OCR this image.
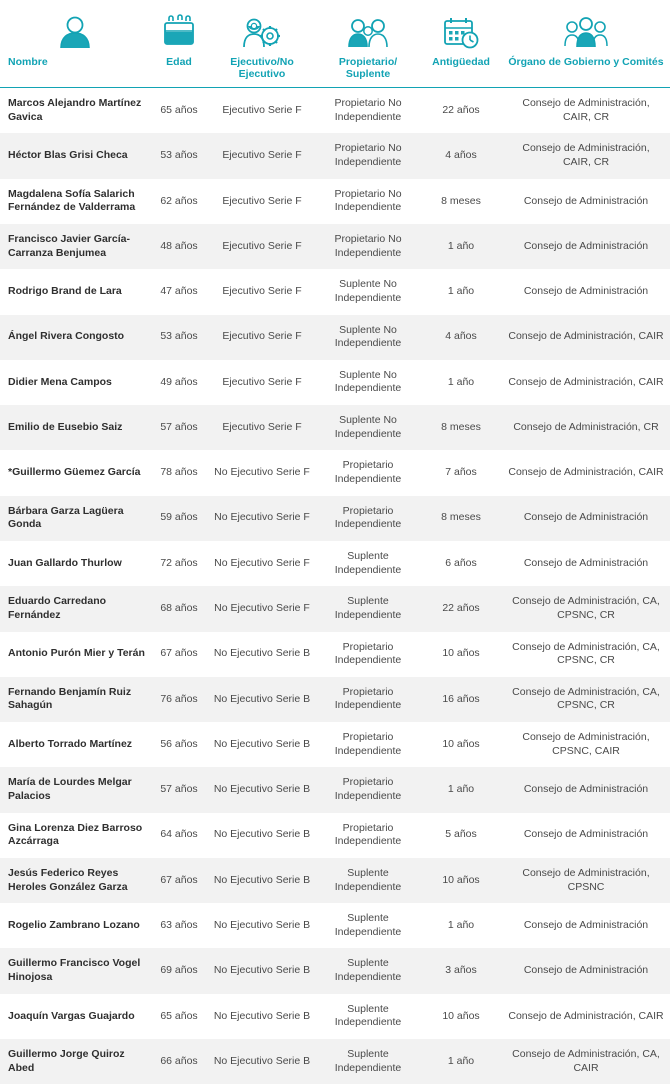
Nombre	Edad	Ejecutivo/No Ejecutivo	Propietario/ Suplente	Antigüedad	Órgano de Gobierno y Comités
Marcos Alejandro Martínez Gavica	65 años	Ejecutivo Serie F	Propietario No Independiente	22 años	Consejo de Administración, CAIR, CR
Héctor Blas Grisi Checa	53 años	Ejecutivo Serie F	Propietario No Independiente	4 años	Consejo de Administración, CAIR, CR
Magdalena Sofía Salarich Fernández de Valderrama	62 años	Ejecutivo Serie F	Propietario No Independiente	8 meses	Consejo de Administración
Francisco Javier García-Carranza Benjumea	48 años	Ejecutivo Serie F	Propietario No Independiente	1 año	Consejo de Administración
Rodrigo Brand de Lara	47 años	Ejecutivo Serie F	Suplente No Independiente	1 año	Consejo de Administración
Ángel Rivera Congosto	53 años	Ejecutivo Serie F	Suplente No Independiente	4 años	Consejo de Administración, CAIR
Didier Mena Campos	49 años	Ejecutivo Serie F	Suplente No Independiente	1 año	Consejo de Administración, CAIR
Emilio de Eusebio Saiz	57 años	Ejecutivo Serie F	Suplente No Independiente	8 meses	Consejo de Administración, CR
*Guillermo Güemez García	78 años	No Ejecutivo Serie F	Propietario Independiente	7 años	Consejo de Administración, CAIR
Bárbara Garza Lagüera Gonda	59 años	No Ejecutivo Serie F	Propietario Independiente	8 meses	Consejo de Administración
Juan Gallardo Thurlow	72 años	No Ejecutivo Serie F	Suplente Independiente	6 años	Consejo de Administración
Eduardo Carredano Fernández	68 años	No Ejecutivo Serie F	Suplente Independiente	22 años	Consejo de Administración, CA, CPSNC, CR
Antonio Purón Mier y Terán	67 años	No Ejecutivo Serie B	Propietario Independiente	10 años	Consejo de Administración, CA, CPSNC, CR
Fernando Benjamín Ruiz Sahagún	76 años	No Ejecutivo Serie B	Propietario Independiente	16 años	Consejo de Administración, CA, CPSNC, CR
Alberto Torrado Martínez	56 años	No Ejecutivo Serie B	Propietario Independiente	10 años	Consejo de Administración, CPSNC, CAIR
María de Lourdes Melgar Palacios	57 años	No Ejecutivo Serie B	Propietario Independiente	1 año	Consejo de Administración
Gina Lorenza Diez Barroso Azcárraga	64 años	No Ejecutivo Serie B	Propietario Independiente	5 años	Consejo de Administración
Jesús Federico Reyes Heroles González Garza	67 años	No Ejecutivo Serie B	Suplente Independiente	10 años	Consejo de Administración, CPSNC
Rogelio Zambrano Lozano	63 años	No Ejecutivo Serie B	Suplente Independiente	1 año	Consejo de Administración
Guillermo Francisco Vogel Hinojosa	69 años	No Ejecutivo Serie B	Suplente Independiente	3 años	Consejo de Administración
Joaquín Vargas Guajardo	65 años	No Ejecutivo Serie B	Suplente Independiente	10 años	Consejo de Administración, CAIR
Guillermo Jorge Quiroz Abed	66 años	No Ejecutivo Serie B	Suplente Independiente	1 año	Consejo de Administración, CA, CAIR
